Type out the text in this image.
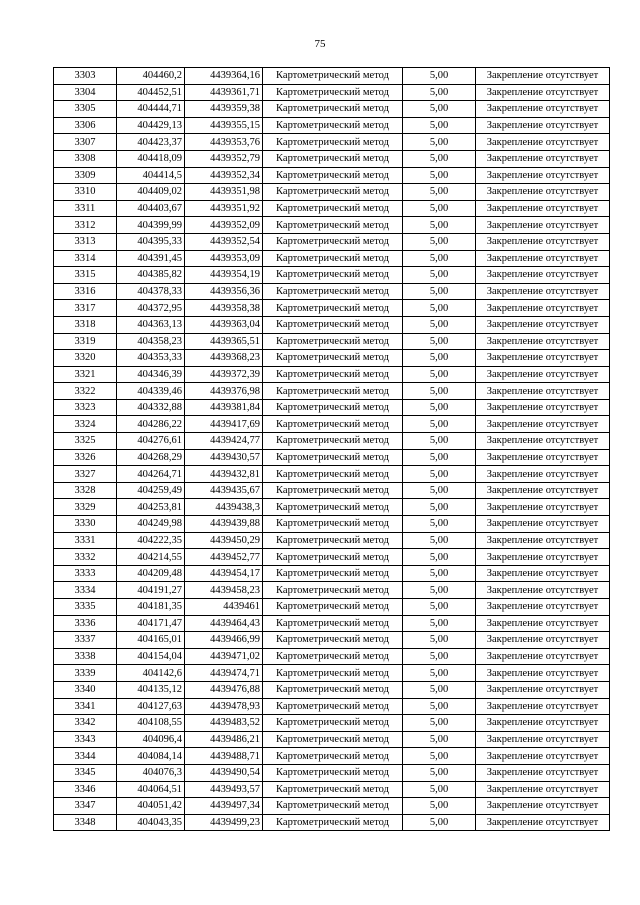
75
3303	404460,2	4439364,16	Картометрический метод	5,00	Закрепление отсутствует
3304	404452,51	4439361,71	Картометрический метод	5,00	Закрепление отсутствует
3305	404444,71	4439359,38	Картометрический метод	5,00	Закрепление отсутствует
3306	404429,13	4439355,15	Картометрический метод	5,00	Закрепление отсутствует
3307	404423,37	4439353,76	Картометрический метод	5,00	Закрепление отсутствует
3308	404418,09	4439352,79	Картометрический метод	5,00	Закрепление отсутствует
3309	404414,5	4439352,34	Картометрический метод	5,00	Закрепление отсутствует
3310	404409,02	4439351,98	Картометрический метод	5,00	Закрепление отсутствует
3311	404403,67	4439351,92	Картометрический метод	5,00	Закрепление отсутствует
3312	404399,99	4439352,09	Картометрический метод	5,00	Закрепление отсутствует
3313	404395,33	4439352,54	Картометрический метод	5,00	Закрепление отсутствует
3314	404391,45	4439353,09	Картометрический метод	5,00	Закрепление отсутствует
3315	404385,82	4439354,19	Картометрический метод	5,00	Закрепление отсутствует
3316	404378,33	4439356,36	Картометрический метод	5,00	Закрепление отсутствует
3317	404372,95	4439358,38	Картометрический метод	5,00	Закрепление отсутствует
3318	404363,13	4439363,04	Картометрический метод	5,00	Закрепление отсутствует
3319	404358,23	4439365,51	Картометрический метод	5,00	Закрепление отсутствует
3320	404353,33	4439368,23	Картометрический метод	5,00	Закрепление отсутствует
3321	404346,39	4439372,39	Картометрический метод	5,00	Закрепление отсутствует
3322	404339,46	4439376,98	Картометрический метод	5,00	Закрепление отсутствует
3323	404332,88	4439381,84	Картометрический метод	5,00	Закрепление отсутствует
3324	404286,22	4439417,69	Картометрический метод	5,00	Закрепление отсутствует
3325	404276,61	4439424,77	Картометрический метод	5,00	Закрепление отсутствует
3326	404268,29	4439430,57	Картометрический метод	5,00	Закрепление отсутствует
3327	404264,71	4439432,81	Картометрический метод	5,00	Закрепление отсутствует
3328	404259,49	4439435,67	Картометрический метод	5,00	Закрепление отсутствует
3329	404253,81	4439438,3	Картометрический метод	5,00	Закрепление отсутствует
3330	404249,98	4439439,88	Картометрический метод	5,00	Закрепление отсутствует
3331	404222,35	4439450,29	Картометрический метод	5,00	Закрепление отсутствует
3332	404214,55	4439452,77	Картометрический метод	5,00	Закрепление отсутствует
3333	404209,48	4439454,17	Картометрический метод	5,00	Закрепление отсутствует
3334	404191,27	4439458,23	Картометрический метод	5,00	Закрепление отсутствует
3335	404181,35	4439461	Картометрический метод	5,00	Закрепление отсутствует
3336	404171,47	4439464,43	Картометрический метод	5,00	Закрепление отсутствует
3337	404165,01	4439466,99	Картометрический метод	5,00	Закрепление отсутствует
3338	404154,04	4439471,02	Картометрический метод	5,00	Закрепление отсутствует
3339	404142,6	4439474,71	Картометрический метод	5,00	Закрепление отсутствует
3340	404135,12	4439476,88	Картометрический метод	5,00	Закрепление отсутствует
3341	404127,63	4439478,93	Картометрический метод	5,00	Закрепление отсутствует
3342	404108,55	4439483,52	Картометрический метод	5,00	Закрепление отсутствует
3343	404096,4	4439486,21	Картометрический метод	5,00	Закрепление отсутствует
3344	404084,14	4439488,71	Картометрический метод	5,00	Закрепление отсутствует
3345	404076,3	4439490,54	Картометрический метод	5,00	Закрепление отсутствует
3346	404064,51	4439493,57	Картометрический метод	5,00	Закрепление отсутствует
3347	404051,42	4439497,34	Картометрический метод	5,00	Закрепление отсутствует
3348	404043,35	4439499,23	Картометрический метод	5,00	Закрепление отсутствует
